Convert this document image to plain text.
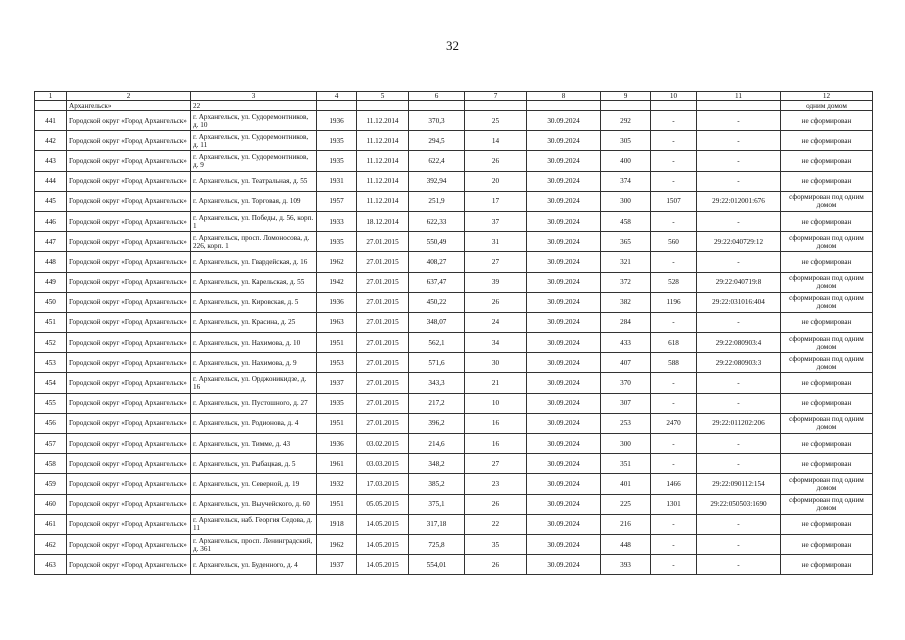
32
1	2	3	4	5	6	7	8	9	10	11	12
	Архангельск»	22									одним домом
441	Городской округ «Город Архангельск»	г. Архангельск, ул. Судоремонтников, д. 10	1936	11.12.2014	370,3	25	30.09.2024	292	-	-	не сформирован
442	Городской округ «Город Архангельск»	г. Архангельск, ул. Судоремонтников, д. 11	1935	11.12.2014	294,5	14	30.09.2024	305	-	-	не сформирован
443	Городской округ «Город Архангельск»	г. Архангельск, ул. Судоремонтников, д. 9	1935	11.12.2014	622,4	26	30.09.2024	400	-	-	не сформирован
444	Городской округ «Город Архангельск»	г. Архангельск, ул. Театральная, д. 55	1931	11.12.2014	392,94	20	30.09.2024	374	-	-	не сформирован
445	Городской округ «Город Архангельск»	г. Архангельск, ул. Торговая, д. 109	1957	11.12.2014	251,9	17	30.09.2024	300	1507	29:22:012001:676	сформирован под одним домом
446	Городской округ «Город Архангельск»	г. Архангельск, ул. Победы, д. 56, корп. 1	1933	18.12.2014	622,33	37	30.09.2024	458	-	-	не сформирован
447	Городской округ «Город Архангельск»	г. Архангельск, просп. Ломоносова, д. 226, корп. 1	1935	27.01.2015	550,49	31	30.09.2024	365	560	29:22:040729:12	сформирован под одним домом
448	Городской округ «Город Архангельск»	г. Архангельск, ул. Гвардейская, д. 16	1962	27.01.2015	408,27	27	30.09.2024	321	-	-	не сформирован
449	Городской округ «Город Архангельск»	г. Архангельск, ул. Карельская, д. 55	1942	27.01.2015	637,47	39	30.09.2024	372	528	29:22:040719:8	сформирован под одним домом
450	Городской округ «Город Архангельск»	г. Архангельск, ул. Кировская, д. 5	1936	27.01.2015	450,22	26	30.09.2024	382	1196	29:22:031016:404	сформирован под одним домом
451	Городской округ «Город Архангельск»	г. Архангельск, ул. Красина, д. 25	1963	27.01.2015	348,07	24	30.09.2024	284	-	-	не сформирован
452	Городской округ «Город Архангельск»	г. Архангельск, ул. Нахимова, д. 10	1951	27.01.2015	562,1	34	30.09.2024	433	618	29:22:080903:4	сформирован под одним домом
453	Городской округ «Город Архангельск»	г. Архангельск, ул. Нахимова, д. 9	1953	27.01.2015	571,6	30	30.09.2024	407	588	29:22:080903:3	сформирован под одним домом
454	Городской округ «Город Архангельск»	г. Архангельск, ул. Орджоникидзе, д. 16	1937	27.01.2015	343,3	21	30.09.2024	370	-	-	не сформирован
455	Городской округ «Город Архангельск»	г. Архангельск, ул. Пустошного, д. 27	1935	27.01.2015	217,2	10	30.09.2024	307	-	-	не сформирован
456	Городской округ «Город Архангельск»	г. Архангельск, ул. Родионова, д. 4	1951	27.01.2015	396,2	16	30.09.2024	253	2470	29:22:011202:206	сформирован под одним домом
457	Городской округ «Город Архангельск»	г. Архангельск, ул. Тимме, д. 43	1936	03.02.2015	214,6	16	30.09.2024	300	-	-	не сформирован
458	Городской округ «Город Архангельск»	г. Архангельск, ул. Рыбацкая, д. 5	1961	03.03.2015	348,2	27	30.09.2024	351	-	-	не сформирован
459	Городской округ «Город Архангельск»	г. Архангельск, ул. Северной, д. 19	1932	17.03.2015	385,2	23	30.09.2024	401	1466	29:22:090112:154	сформирован под одним домом
460	Городской округ «Город Архангельск»	г. Архангельск, ул. Выучейского, д. 60	1951	05.05.2015	375,1	26	30.09.2024	225	1301	29:22:050503:1690	сформирован под одним домом
461	Городской округ «Город Архангельск»	г. Архангельск, наб. Георгия Седова, д. 11	1918	14.05.2015	317,18	22	30.09.2024	216	-	-	не сформирован
462	Городской округ «Город Архангельск»	г. Архангельск, просп. Ленинградский, д. 361	1962	14.05.2015	725,8	35	30.09.2024	448	-	-	не сформирован
463	Городской округ «Город Архангельск»	г. Архангельск, ул. Буденного, д. 4	1937	14.05.2015	554,01	26	30.09.2024	393	-	-	не сформирован
